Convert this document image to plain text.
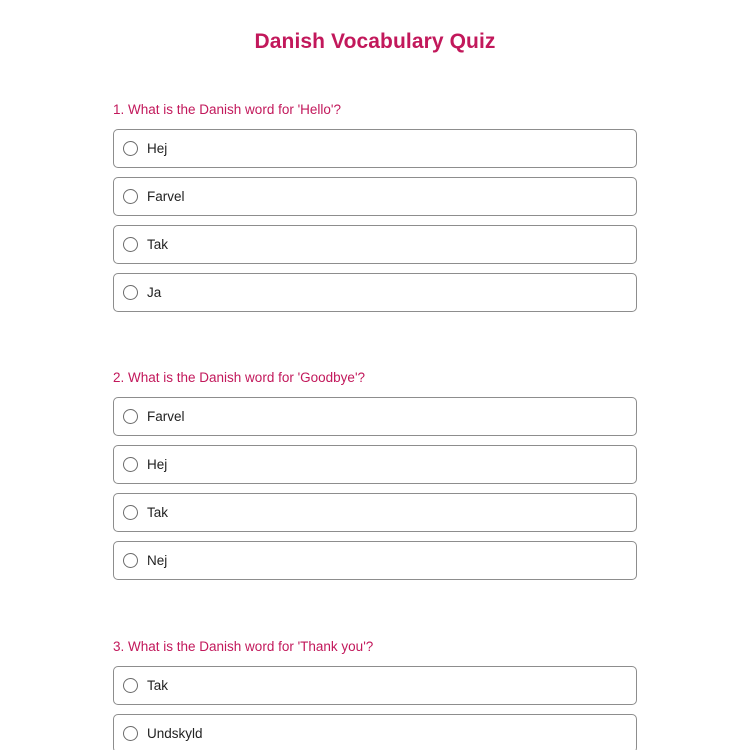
Danish Vocabulary Quiz
1. What is the Danish word for 'Hello'?
Hej
Farvel
Tak
Ja
2. What is the Danish word for 'Goodbye'?
Farvel
Hej
Tak
Nej
3. What is the Danish word for 'Thank you'?
Tak
Undskyld
